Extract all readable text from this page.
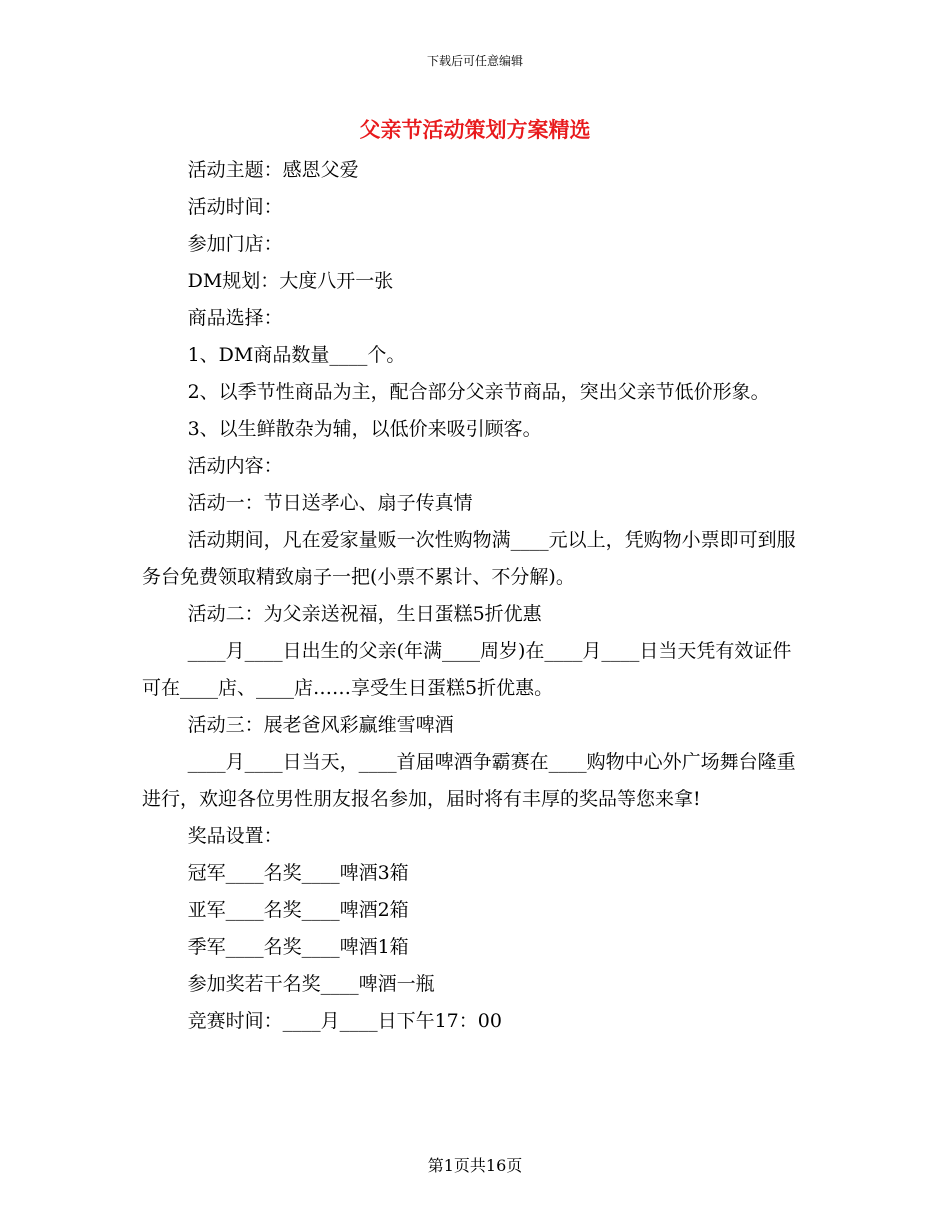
下载后可任意编辑
父亲节活动策划方案精选

活动主题：感恩父爱

活动时间：

参加门店：

DM规划：大度八开一张

商品选择：

1、DM商品数量____个。

2、以季节性商品为主，配合部分父亲节商品，突出父亲节低价形象。

3、以生鲜散杂为辅，以低价来吸引顾客。

活动内容：

活动一：节日送孝心、扇子传真情

活动期间，凡在爱家量贩一次性购物满____元以上，凭购物小票即可到服务台免费领取精致扇子一把(小票不累计、不分解)。

活动二：为父亲送祝福，生日蛋糕5折优惠

____月____日出生的父亲(年满____周岁)在____月____日当天凭有效证件可在____店、____店……享受生日蛋糕5折优惠。

活动三：展老爸风彩赢维雪啤酒

____月____日当天，____首届啤酒争霸赛在____购物中心外广场舞台隆重进行，欢迎各位男性朋友报名参加，届时将有丰厚的奖品等您来拿!

奖品设置：

冠军____名奖____啤酒3箱

亚军____名奖____啤酒2箱

季军____名奖____啤酒1箱

参加奖若干名奖____啤酒一瓶

竞赛时间：____月____日下午17：00

第1页共16页
